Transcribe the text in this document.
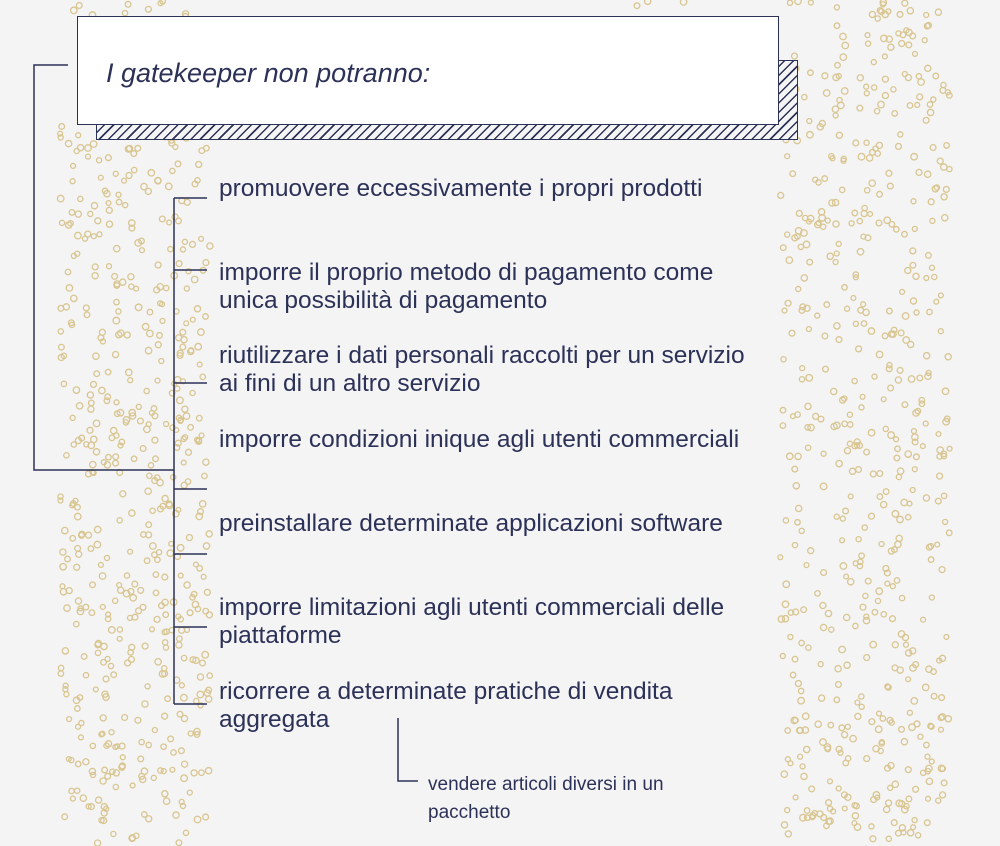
I gatekeeper non potranno:
promuovere eccessivamente i propri prodotti
imporre il proprio metodo di pagamento come unica possibilità di pagamento
riutilizzare i dati personali raccolti per un servizio ai fini di un altro servizio
imporre condizioni inique agli utenti commerciali
preinstallare determinate applicazioni software
imporre limitazioni agli utenti commerciali delle piattaforme
ricorrere a determinate pratiche di vendita aggregata
vendere articoli diversi in un pacchetto
